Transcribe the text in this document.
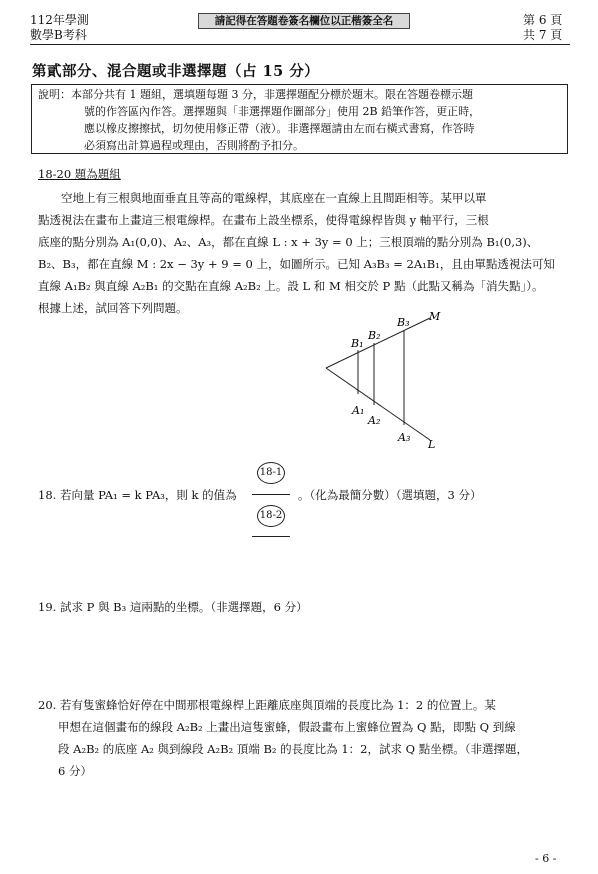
112年學測
數學B考科
請記得在答題卷簽名欄位以正楷簽全名	第 6 頁
共 7 頁
第貳部分、混合題或非選擇題（占 15 分）
說明：本部分共有 1 題組，選填題每題 3 分，非選擇題配分標於題末。限在答題卷標示題
號的作答區內作答。選擇題與「非選擇題作圖部分」使用 2B 鉛筆作答，更正時，
應以橡皮擦擦拭，切勿使用修正帶（液）。非選擇題請由左而右橫式書寫，作答時
必須寫出計算過程或理由，否則將酌予扣分。
18-20 題為題組
空地上有三根與地面垂直且等高的電線桿，其底座在一直線上且間距相等。某甲以單
點透視法在畫布上畫這三根電線桿。在畫布上設坐標系，使得電線桿皆與 y 軸平行，三根
底座的點分別為 A₁(0,0)、A₂、A₃，都在直線 L : x + 3y = 0 上；三根頂端的點分別為 B₁(0,3)、
B₂、B₃，都在直線 M : 2x − 3y + 9 = 0 上，如圖所示。已知 A₃B₃ = 2A₁B₁，且由單點透視法可知
直線 A₁B₂ 與直線 A₂B₁ 的交點在直線 A₂B₂ 上。設 L 和 M 相交於 P 點（此點又稱為「消失點」）。
根據上述，試回答下列問題。
B₁
B₂
B₃ M
A₁
A₂
A₃
L
18. 若向量 PA₁ = k PA₃，則 k 的值為
18-1
18-2
。（化為最簡分數）（選填題，3 分）
19. 試求 P 與 B₃ 這兩點的坐標。（非選擇題，6 分）
20. 若有隻蜜蜂恰好停在中間那根電線桿上距離底座與頂端的長度比為 1：2 的位置上。某
甲想在這個畫布的線段 A₂B₂ 上畫出這隻蜜蜂，假設畫布上蜜蜂位置為 Q 點，即點 Q 到線
段 A₂B₂ 的底座 A₂ 與到線段 A₂B₂ 頂端 B₂ 的長度比為 1：2，試求 Q 點坐標。（非選擇題，
6 分）
- 6 -
